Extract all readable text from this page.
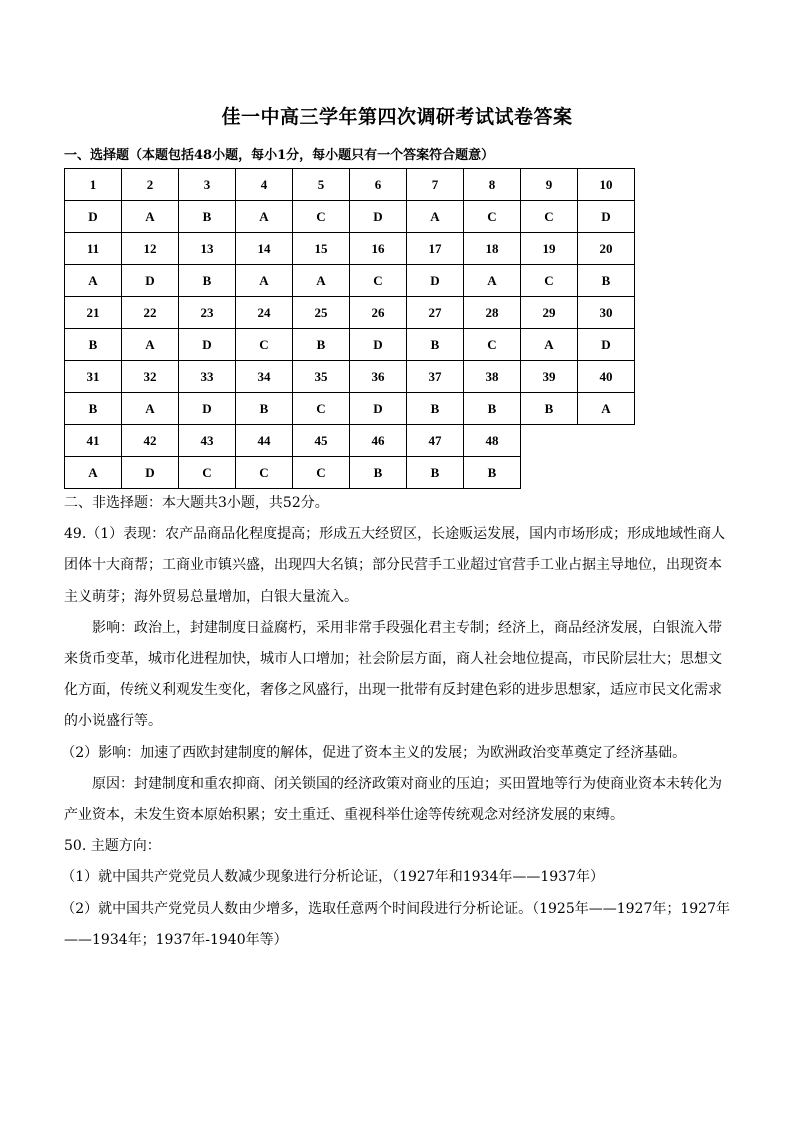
佳一中高三学年第四次调研考试试卷答案
一、选择题（本题包括48小题，每小1分，每小题只有一个答案符合题意）
1	2	3	4	5	6	7	8	9	10
D	A	B	A	C	D	A	C	C	D
11	12	13	14	15	16	17	18	19	20
A	D	B	A	A	C	D	A	C	B
21	22	23	24	25	26	27	28	29	30
B	A	D	C	B	D	B	C	A	D
31	32	33	34	35	36	37	38	39	40
B	A	D	B	C	D	B	B	B	A
41	42	43	44	45	46	47	48		
A	D	C	C	C	B	B	B		

二、非选择题：本大题共3小题，共52分。

49.（1）表现：农产品商品化程度提高；形成五大经贸区，长途贩运发展，国内市场形成；形成地域性商人团体十大商帮；工商业市镇兴盛，出现四大名镇；部分民营手工业超过官营手工业占据主导地位，出现资本主义萌芽；海外贸易总量增加，白银大量流入。

影响：政治上，封建制度日益腐朽，采用非常手段强化君主专制；经济上，商品经济发展，白银流入带来货币变革，城市化进程加快，城市人口增加；社会阶层方面，商人社会地位提高，市民阶层壮大；思想文化方面，传统义利观发生变化，奢侈之风盛行，出现一批带有反封建色彩的进步思想家，适应市民文化需求的小说盛行等。

（2）影响：加速了西欧封建制度的解体，促进了资本主义的发展；为欧洲政治变革奠定了经济基础。

原因：封建制度和重农抑商、闭关锁国的经济政策对商业的压迫；买田置地等行为使商业资本未转化为产业资本，未发生资本原始积累；安土重迁、重视科举仕途等传统观念对经济发展的束缚。

50. 主题方向：

（1）就中国共产党党员人数减少现象进行分析论证，（1927年和1934年——1937年）

（2）就中国共产党党员人数由少增多，选取任意两个时间段进行分析论证。（1925年——1927年；1927年——1934年；1937年-1940年等）
